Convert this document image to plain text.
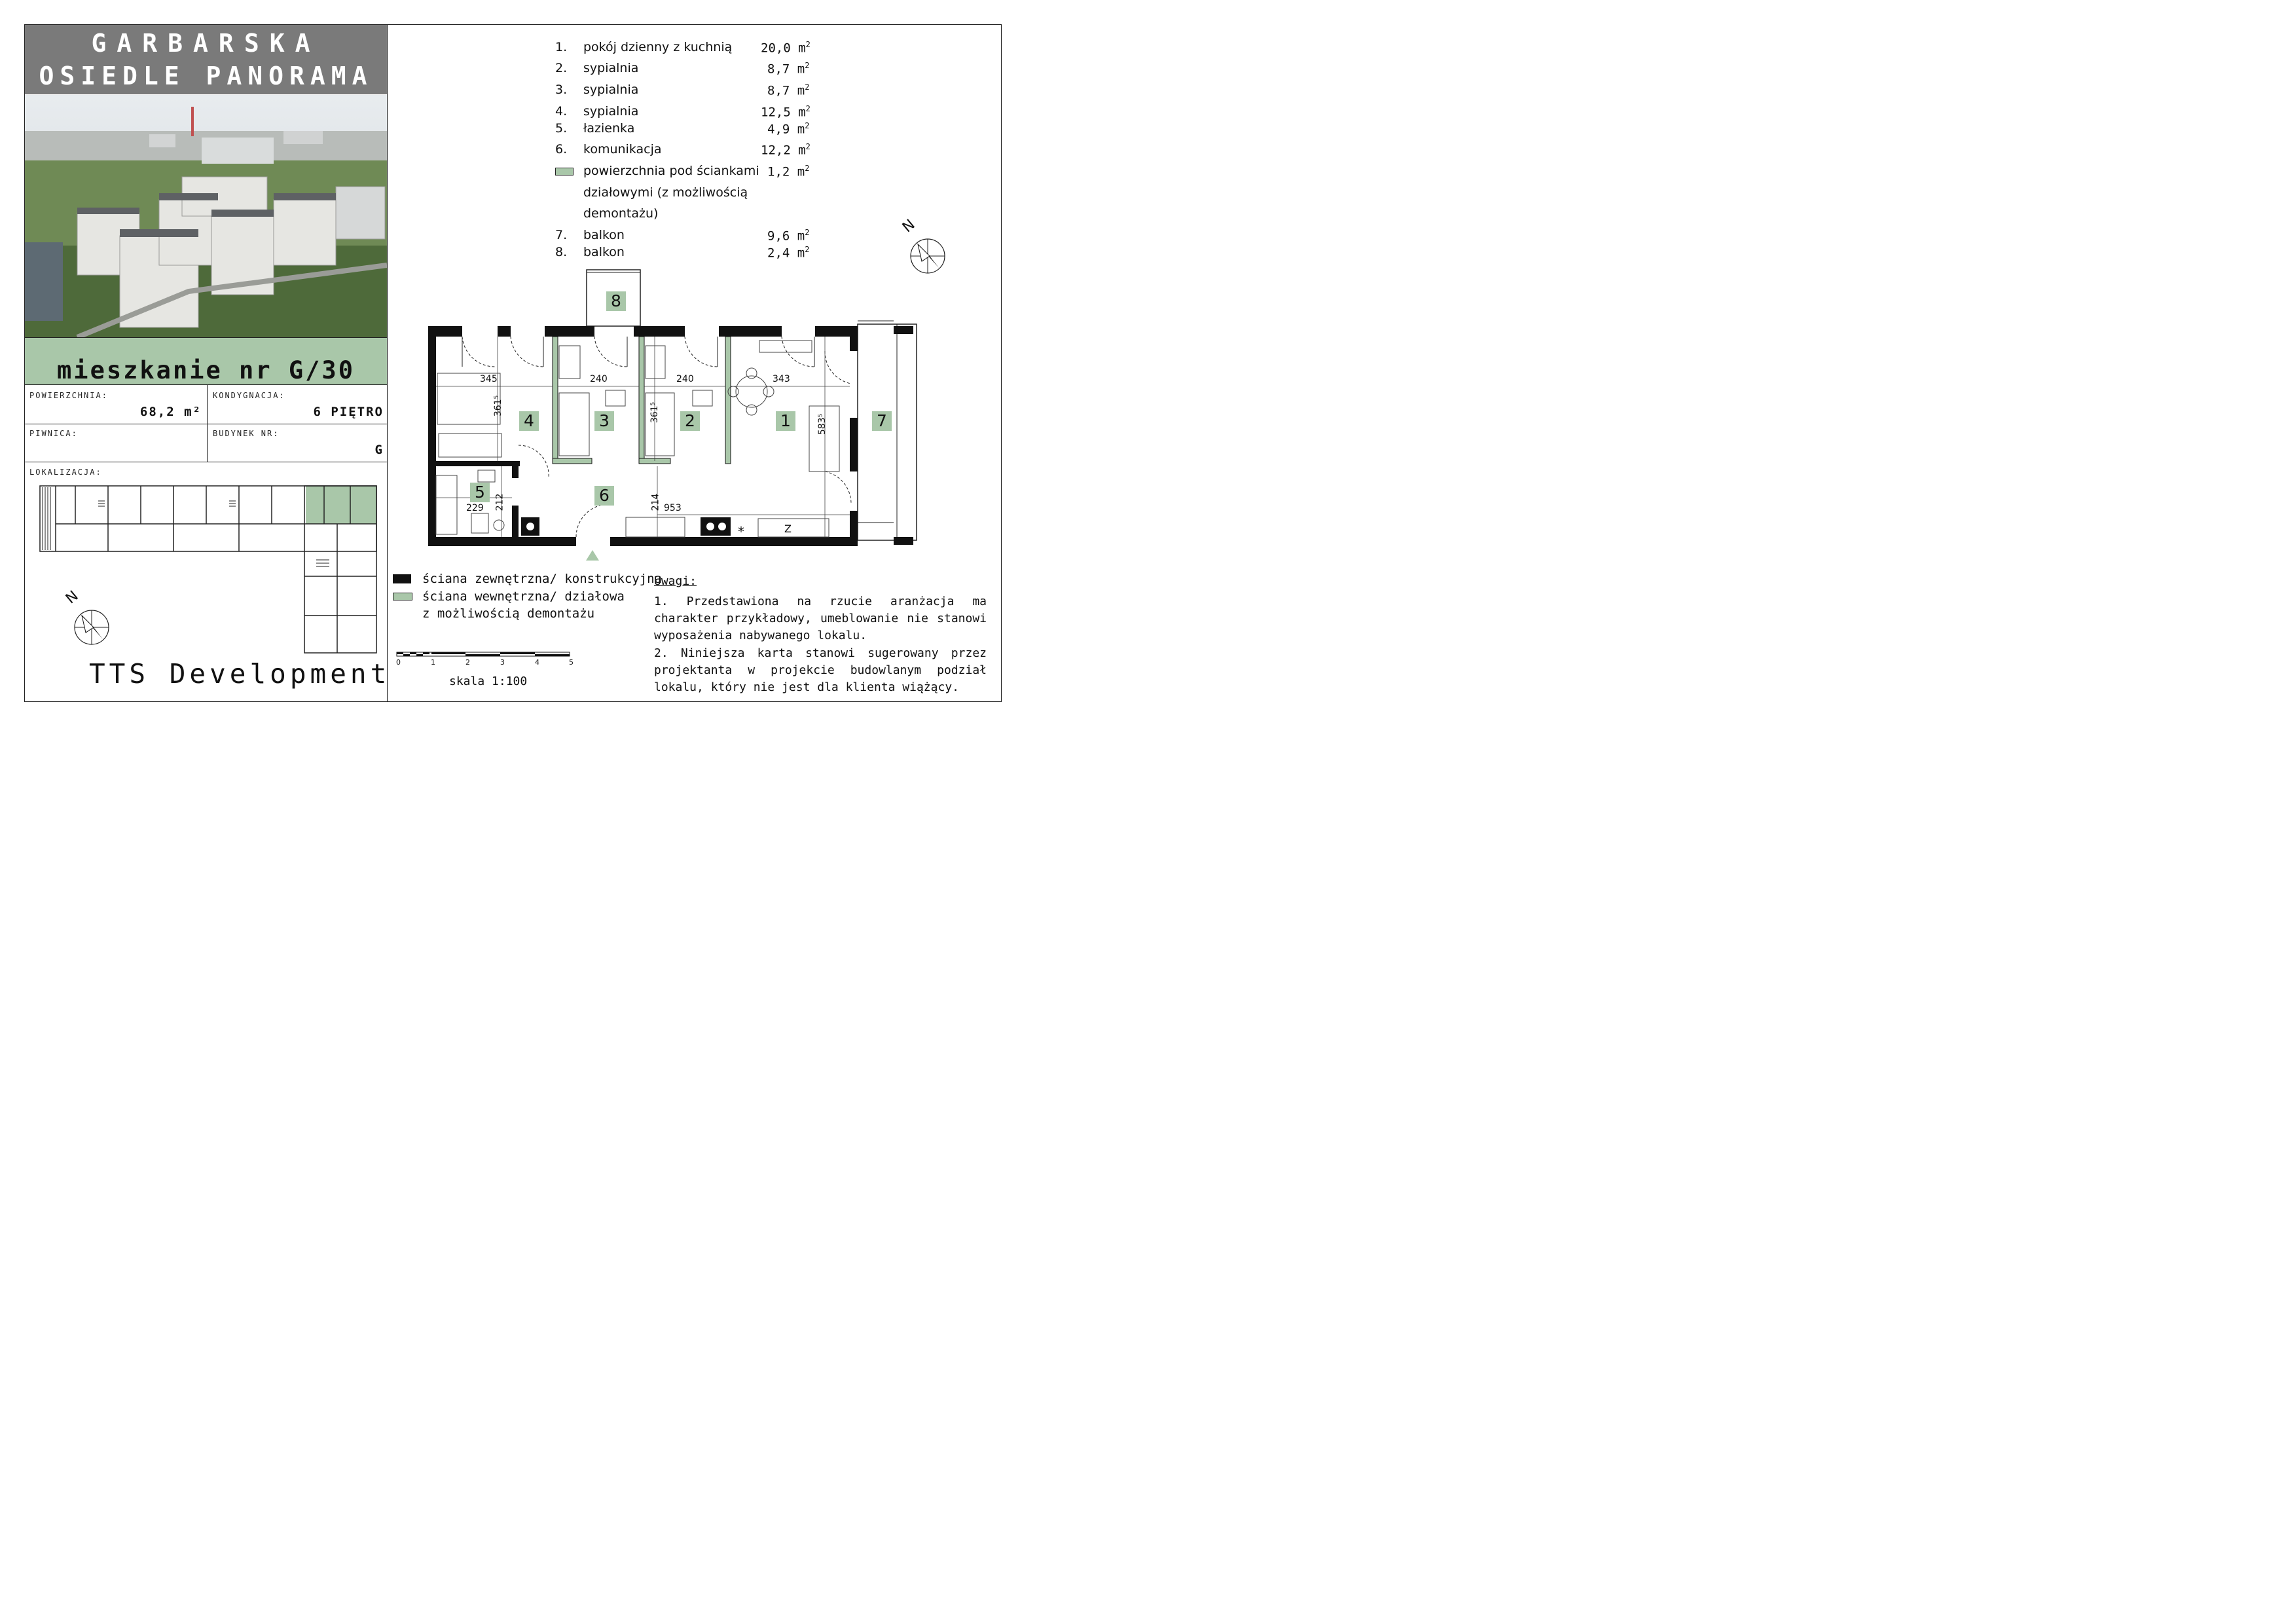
GARBARSKA
OSIEDLE PANORAMA
mieszkanie nr G/30
POWIERZCHNIA:
68,2 m²
KONDYGNACJA:
6 PIĘTRO
PIWNICA:	BUDYNEK NR:
G
LOKALIZACJA:
N
TTS Development
1.	pokój dzienny z kuchnią 20,0 $m^2$
2.	sypialnia	8,7 $m^2$
3.	sypialnia	8,7 $m^2$
4.	sypialnia	12,5 $m^2$
5.	łazienka	4,9 $m^2$
6.	komunikacja	12,2 $m^2$
powierzchnia pod ściankami 1,2 $m^2$
działowymi (z możliwością
demontażu)
7.	balkon	9,6 $m^2$
8.	balkon	2,4 $m^2$
N
8
4	3	2	1	7
5	6
345	240	240	343
361⁵	361⁵
583⁵
229 212	214 953
*	Z
ściana zewnętrzna/ konstrukcyjna
ściana wewnętrzna/ działowa
z możliwością demontażu
0	1	2	3	4	5
skala 1:100
Uwagi:
1. Przedstawiona na rzucie aranżacja ma charakter przykładowy, umeblowanie nie stanowi wyposażenia nabywanego lokalu.
2. Niniejsza karta stanowi sugerowany przez projektanta w projekcie budowlanym podział lokalu, który nie jest dla klienta wiążący.
